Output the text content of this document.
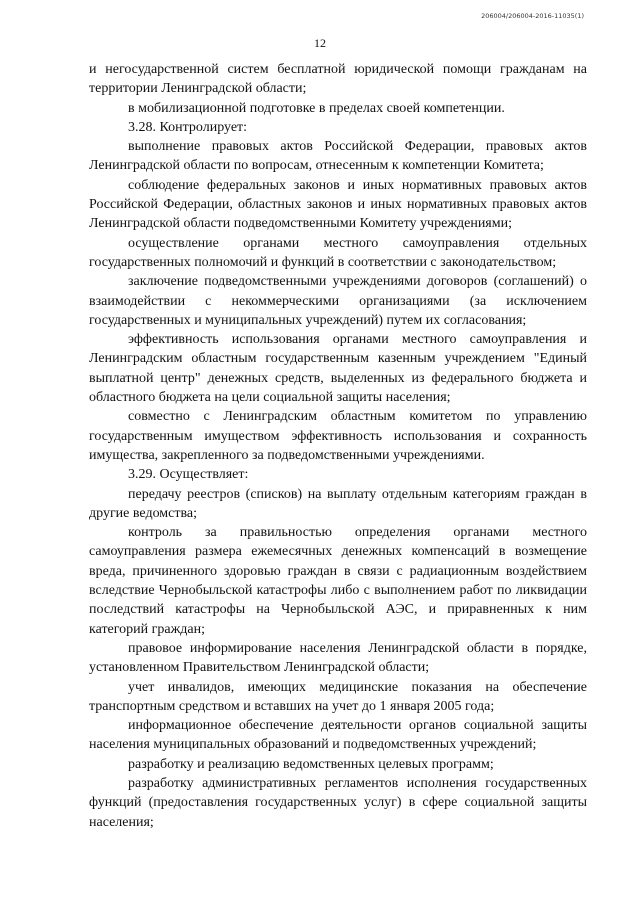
206004/206004-2016-11035(1)
12

и негосударственной систем бесплатной юридической помощи гражданам на территории Ленинградской области;

в мобилизационной подготовке в пределах своей компетенции.

3.28. Контролирует:

выполнение правовых актов Российской Федерации, правовых актов Ленинградской области по вопросам, отнесенным к компетенции Комитета;

соблюдение федеральных законов и иных нормативных правовых актов Российской Федерации, областных законов и иных нормативных правовых актов Ленинградской области подведомственными Комитету учреждениями;

осуществление органами местного самоуправления отдельных государственных полномочий и функций в соответствии с законодательством;

заключение подведомственными учреждениями договоров (соглашений) о взаимодействии с некоммерческими организациями (за исключением государственных и муниципальных учреждений) путем их согласования;

эффективность использования органами местного самоуправления и Ленинградским областным государственным казенным учреждением "Единый выплатной центр" денежных средств, выделенных из федерального бюджета и областного бюджета на цели социальной защиты населения;

совместно с Ленинградским областным комитетом по управлению государственным имуществом эффективность использования и сохранность имущества, закрепленного за подведомственными учреждениями.

3.29. Осуществляет:

передачу реестров (списков) на выплату отдельным категориям граждан в другие ведомства;

контроль за правильностью определения органами местного самоуправления размера ежемесячных денежных компенсаций в возмещение вреда, причиненного здоровью граждан в связи с радиационным воздействием вследствие Чернобыльской катастрофы либо с выполнением работ по ликвидации последствий катастрофы на Чернобыльской АЭС, и приравненных к ним категорий граждан;

правовое информирование населения Ленинградской области в порядке, установленном Правительством Ленинградской области;

учет инвалидов, имеющих медицинские показания на обеспечение транспортным средством и вставших на учет до 1 января 2005 года;

информационное обеспечение деятельности органов социальной защиты населения муниципальных образований и подведомственных учреждений;

разработку и реализацию ведомственных целевых программ;

разработку административных регламентов исполнения государственных функций (предоставления государственных услуг) в сфере социальной защиты населения;
